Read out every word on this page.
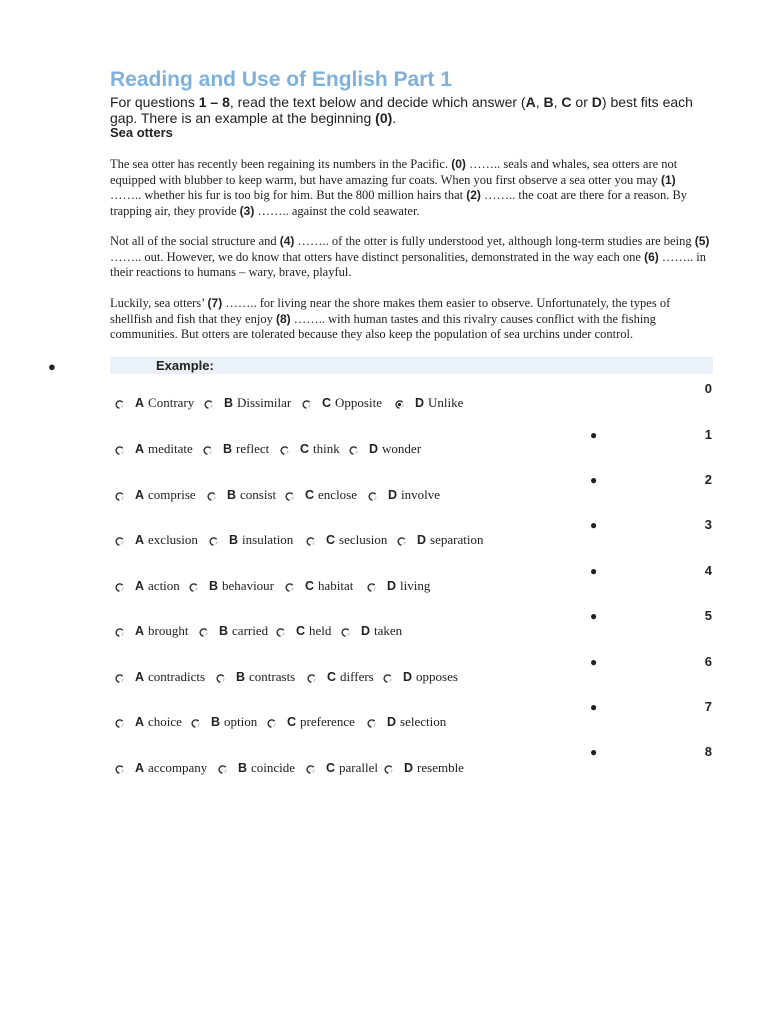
Reading and Use of English Part 1
For questions 1 – 8, read the text below and decide which answer (A, B, C or D) best fits each gap. There is an example at the beginning (0).
Sea otters

The sea otter has recently been regaining its numbers in the Pacific. (0) …….. seals and whales, sea otters are not equipped with blubber to keep warm, but have amazing fur coats. When you first observe a sea otter you may (1) …….. whether his fur is too big for him. But the 800 million hairs that (2) …….. the coat are there for a reason. By trapping air, they provide (3) …….. against the cold seawater.

Not all of the social structure and (4) …….. of the otter is fully understood yet, although long-term studies are being (5) …….. out. However, we do know that otters have distinct personalities, demonstrated in the way each one (6) …….. in their reactions to humans – wary, brave, playful.

Luckily, sea otters’ (7) …….. for living near the shore makes them easier to observe. Unfortunately, the types of shellfish and fish that they enjoy (8) …….. with human tastes and this rivalry causes conflict with the fishing communities. But otters are tolerated because they also keep the population of sea urchins under control.

●	Example:
0
A Contrary B Dissimilar C Opposite	D Unlike
1
●
A meditate B reflect C think D wonder
2
●
A comprise	B consist C enclose D involve
3
●
A exclusion B insulation	C seclusion D separation
4
●
A action B behaviour C habitat	D living
5
●
A brought B carried C held D taken
6
●
A contradicts B contrasts	C differs D opposes
7
●
A choice B option C preference	D selection
8
●
A accompany B coincide C parallel D resemble
